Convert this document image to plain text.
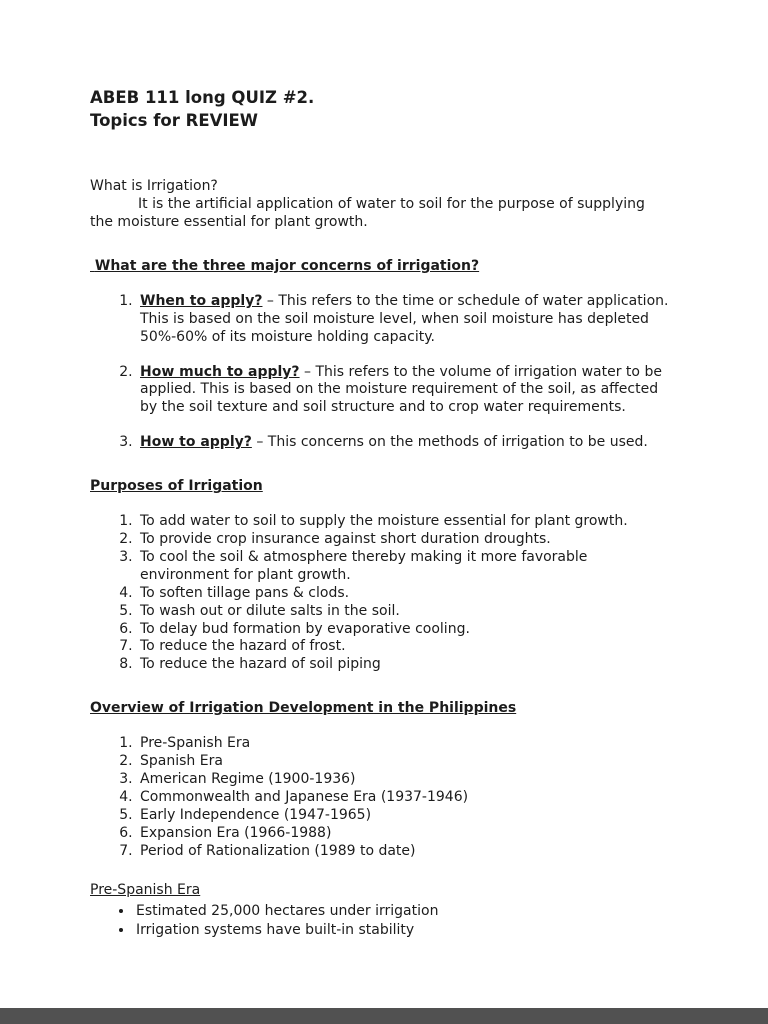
ABEB 111 long QUIZ #2.
Topics for REVIEW

What is Irrigation?

It is the artificial application of water to soil for the purpose of supplying the moisture essential for plant growth.

What are the three major concerns of irrigation?

1. When to apply? – This refers to the time or schedule of water application. This is based on the soil moisture level, when soil moisture has depleted 50%-60% of its moisture holding capacity.
2. How much to apply? – This refers to the volume of irrigation water to be applied. This is based on the moisture requirement of the soil, as affected by the soil texture and soil structure and to crop water requirements.
3. How to apply? – This concerns on the methods of irrigation to be used.

Purposes of Irrigation

1. To add water to soil to supply the moisture essential for plant growth.
2. To provide crop insurance against short duration droughts.
3. To cool the soil & atmosphere thereby making it more favorable environment for plant growth.
4. To soften tillage pans & clods.
5. To wash out or dilute salts in the soil.
6. To delay bud formation by evaporative cooling.
7. To reduce the hazard of frost.
8. To reduce the hazard of soil piping

Overview of Irrigation Development in the Philippines

1. Pre-Spanish Era
2. Spanish Era
3. American Regime (1900-1936)
4. Commonwealth and Japanese Era (1937-1946)
5. Early Independence (1947-1965)
6. Expansion Era (1966-1988)
7. Period of Rationalization (1989 to date)

Pre-Spanish Era

• Estimated 25,000 hectares under irrigation
• Irrigation systems have built-in stability
